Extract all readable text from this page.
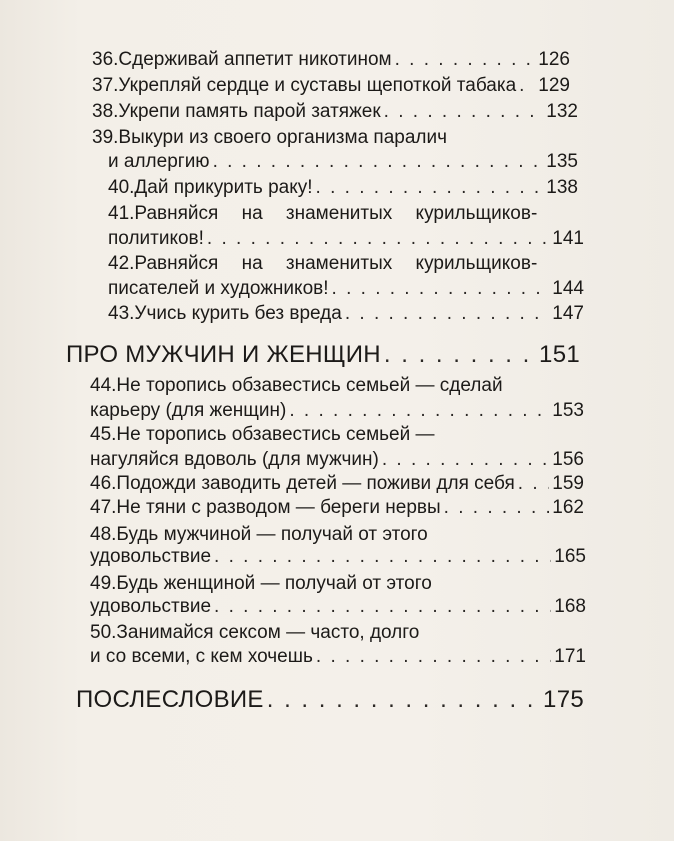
36.Сдерживай аппетит никотином . . .	126
37.Укрепляй сердце и суставы щепоткой табака . . . 129
38.Укрепи память парой затяжек . . .	132
39.Выкури из своего организма паралич
и аллергию . . .	135
40.Дай прикурить раку! . . .	138
41.Равняйся на знаменитых курильщиков-
политиков! . . .	141
42.Равняйся на знаменитых курильщиков-
писателей и художников! . . .	144
43.Учись курить без вреда . . .	147
ПРО МУЖЧИН И ЖЕНЩИН . . .	151
44.Не торопись обзавестись семьей — сделай
карьеру (для женщин) . . .	153
45.Не торопись обзавестись семьей —
нагуляйся вдоволь (для мужчин) . . .	156
46.Подожди заводить детей — поживи для себя . . . 159
47.Не тяни с разводом — береги нервы . . .	162
48.Будь мужчиной — получай от этого
удовольствие . . .	165
49.Будь женщиной — получай от этого
удовольствие . . .	168
50.Занимайся сексом — часто, долго
и со всеми, с кем хочешь . . .	171
ПОСЛЕСЛОВИЕ . . .	175
